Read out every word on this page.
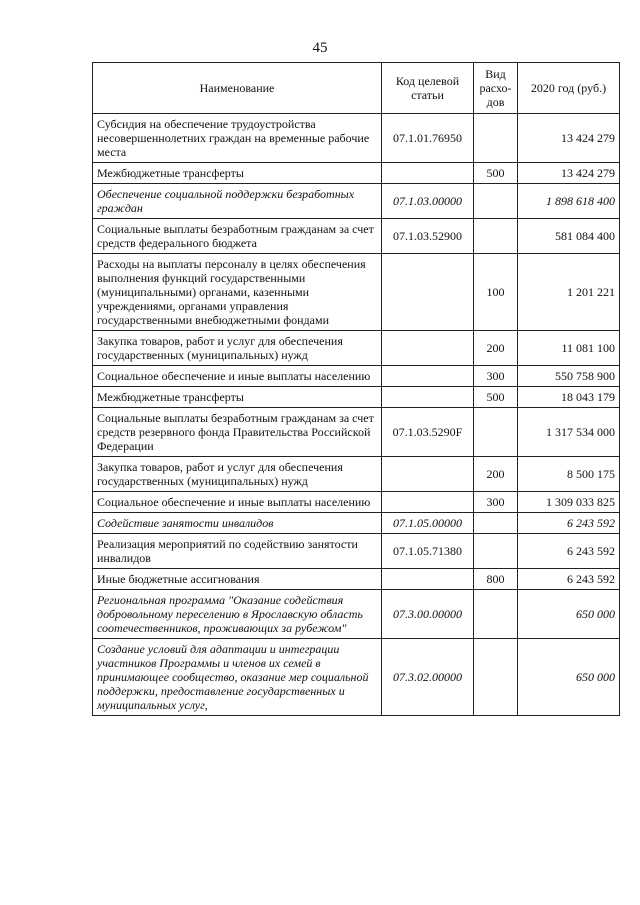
45
Наименование	Код целевой статьи	Вид расхо-дов	2020 год (руб.)
Субсидия на обеспечение трудоустройства несовершеннолетних граждан на временные рабочие места	07.1.01.76950		13 424 279
Межбюджетные трансферты		500	13 424 279
Обеспечение социальной поддержки безработных граждан	07.1.03.00000		1 898 618 400
Социальные выплаты безработным гражданам за счет средств федерального бюджета	07.1.03.52900		581 084 400
Расходы на выплаты персоналу в целях обеспечения выполнения функций государственными (муниципальными) органами, казенными учреждениями, органами управления государственными внебюджетными фондами		100	1 201 221
Закупка товаров, работ и услуг для обеспечения государственных (муниципальных) нужд		200	11 081 100
Социальное обеспечение и иные выплаты населению		300	550 758 900
Межбюджетные трансферты		500	18 043 179
Социальные выплаты безработным гражданам за счет средств резервного фонда Правительства Российской Федерации	07.1.03.5290F		1 317 534 000
Закупка товаров, работ и услуг для обеспечения государственных (муниципальных) нужд		200	8 500 175
Социальное обеспечение и иные выплаты населению		300	1 309 033 825
Содействие занятости инвалидов	07.1.05.00000		6 243 592
Реализация мероприятий по содействию занятости инвалидов	07.1.05.71380		6 243 592
Иные бюджетные ассигнования		800	6 243 592
Региональная программа "Оказание содействия добровольному переселению в Ярославскую область соотечественников, проживающих за рубежом"	07.3.00.00000		650 000
Создание условий для адаптации и интеграции участников Программы и членов их семей в принимающее сообщество, оказание мер социальной поддержки, предоставление государственных и муниципальных услуг,	07.3.02.00000		650 000
